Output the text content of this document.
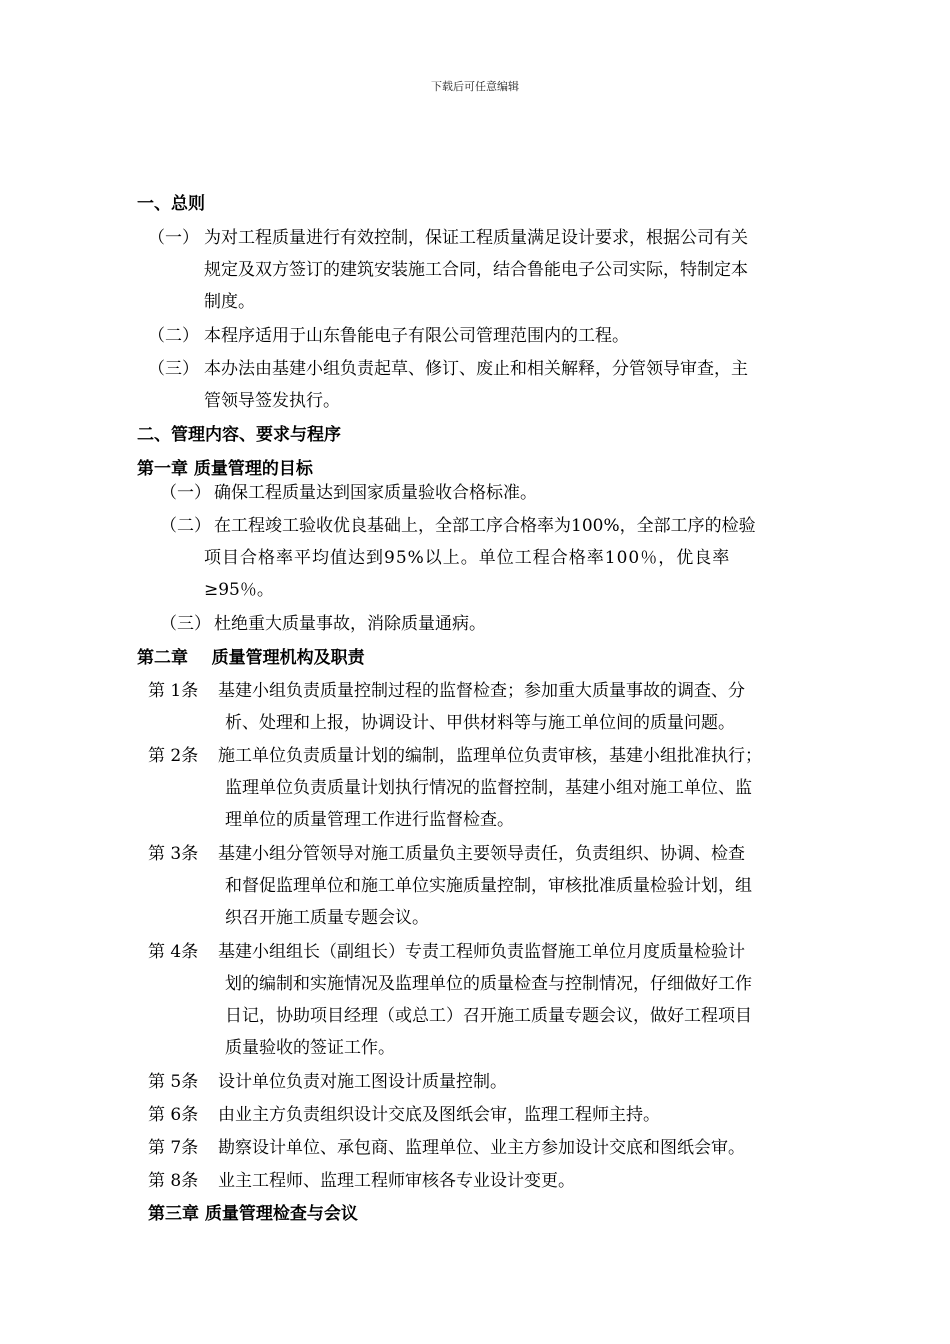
下载后可任意编辑
一、总则
（一） 为对工程质量进行有效控制，保证工程质量满足设计要求，根据公司有关
规定及双方签订的建筑安装施工合同，结合鲁能电子公司实际，特制定本
制度。
（二） 本程序适用于山东鲁能电子有限公司管理范围内的工程。
（三） 本办法由基建小组负责起草、修订、废止和相关解释，分管领导审查，主
管领导签发执行。
二、管理内容、要求与程序
第一章 质量管理的目标
（一） 确保工程质量达到国家质量验收合格标准。
（二） 在工程竣工验收优良基础上，全部工序合格率为100%，全部工序的检验
项目合格率平均值达到95%以上。单位工程合格率100％，优良率
≥95％。
（三） 杜绝重大质量事故，消除质量通病。
第二章    质量管理机构及职责
第 1条 基建小组负责质量控制过程的监督检查；参加重大质量事故的调查、分
析、处理和上报，协调设计、甲供材料等与施工单位间的质量问题。
第 2条 施工单位负责质量计划的编制，监理单位负责审核，基建小组批准执行；
监理单位负责质量计划执行情况的监督控制，基建小组对施工单位、监
理单位的质量管理工作进行监督检查。
第 3条 基建小组分管领导对施工质量负主要领导责任，负责组织、协调、检查
和督促监理单位和施工单位实施质量控制，审核批准质量检验计划，组
织召开施工质量专题会议。
第 4条 基建小组组长（副组长）专责工程师负责监督施工单位月度质量检验计
划的编制和实施情况及监理单位的质量检查与控制情况，仔细做好工作
日记，协助项目经理（或总工）召开施工质量专题会议，做好工程项目
质量验收的签证工作。
第 5条 设计单位负责对施工图设计质量控制。
第 6条 由业主方负责组织设计交底及图纸会审，监理工程师主持。
第 7条 勘察设计单位、承包商、监理单位、业主方参加设计交底和图纸会审。
第 8条 业主工程师、监理工程师审核各专业设计变更。
第三章 质量管理检查与会议
